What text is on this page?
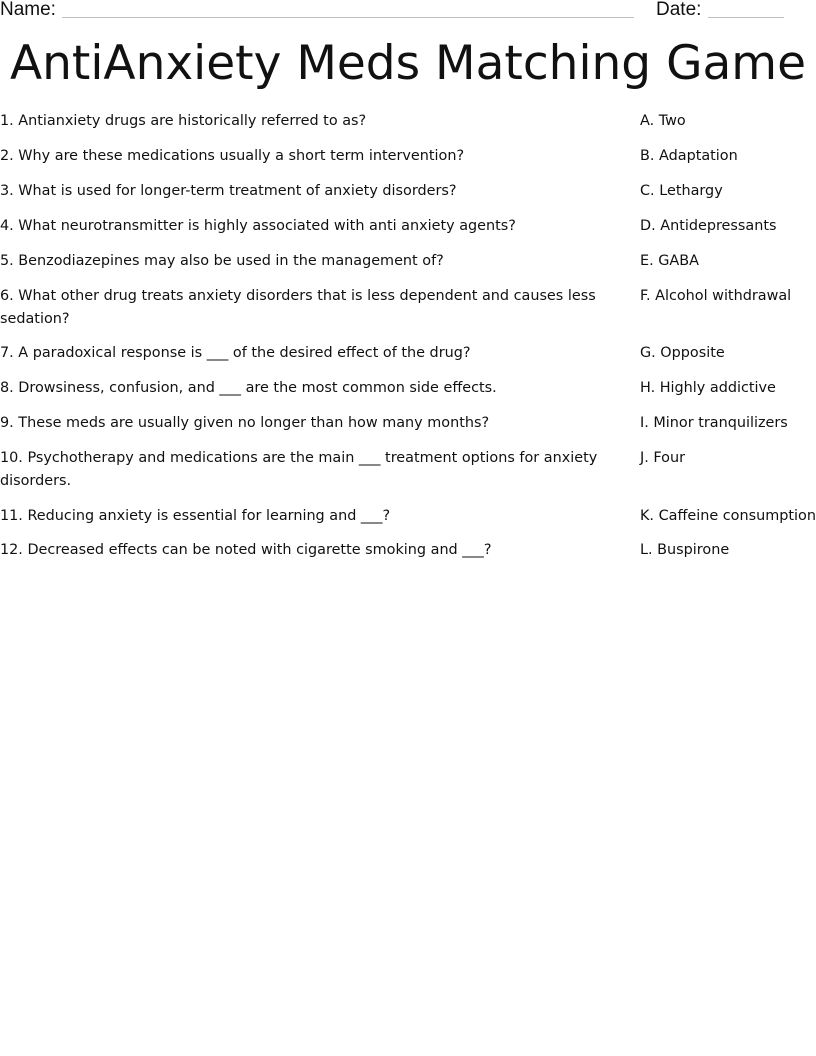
Name:	Date:
AntiAnxiety Meds Matching Game
1. Antianxiety drugs are historically referred to as?
2. Why are these medications usually a short term intervention?
3. What is used for longer-term treatment of anxiety disorders?
4. What neurotransmitter is highly associated with anti anxiety agents?
5. Benzodiazepines may also be used in the management of?
6. What other drug treats anxiety disorders that is less dependent and causes less sedation?
7. A paradoxical response is ___ of the desired effect of the drug?
8. Drowsiness, confusion, and ___ are the most common side effects.
9. These meds are usually given no longer than how many months?
10. Psychotherapy and medications are the main ___ treatment options for anxiety disorders.
11. Reducing anxiety is essential for learning and ___?
12. Decreased effects can be noted with cigarette smoking and ___?
A. Two
B. Adaptation
C. Lethargy
D. Antidepressants
E. GABA
F. Alcohol withdrawal
G. Opposite
H. Highly addictive
I. Minor tranquilizers
J. Four
K. Caffeine consumption
L. Buspirone
